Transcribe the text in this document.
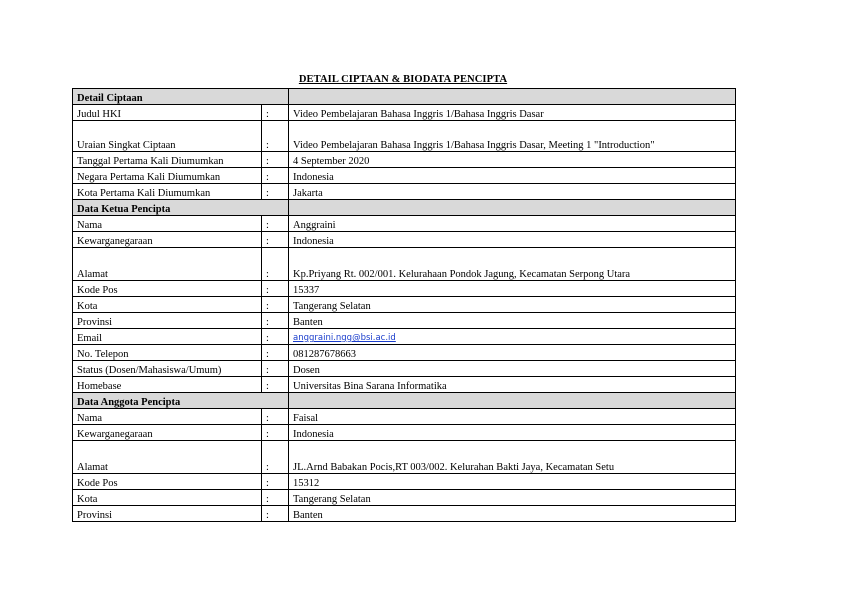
DETAIL CIPTAAN & BIODATA PENCIPTA
Detail Ciptaan		
Judul HKI	:	Video Pembelajaran Bahasa Inggris 1/Bahasa Inggris Dasar
Uraian Singkat Ciptaan	:	Video Pembelajaran Bahasa Inggris 1/Bahasa Inggris Dasar, Meeting 1 "Introduction"
Tanggal Pertama Kali Diumumkan	:	4 September 2020
Negara Pertama Kali Diumumkan	:	Indonesia
Kota Pertama Kali Diumumkan	:	Jakarta
Data Ketua Pencipta		
Nama	:	Anggraini
Kewarganegaraan	:	Indonesia
Alamat	:	Kp.Priyang Rt. 002/001. Kelurahaan Pondok Jagung, Kecamatan Serpong Utara
Kode Pos	:	15337
Kota	:	Tangerang Selatan
Provinsi	:	Banten
Email	:	anggraini.ngg@bsi.ac.id
No. Telepon	:	081287678663
Status (Dosen/Mahasiswa/Umum)	:	Dosen
Homebase	:	Universitas Bina Sarana Informatika
Data Anggota Pencipta		
Nama	:	Faisal
Kewarganegaraan	:	Indonesia
Alamat	:	JL.Arnd Babakan Pocis,RT 003/002. Kelurahan Bakti Jaya, Kecamatan Setu
Kode Pos	:	15312
Kota	:	Tangerang Selatan
Provinsi	:	Banten
